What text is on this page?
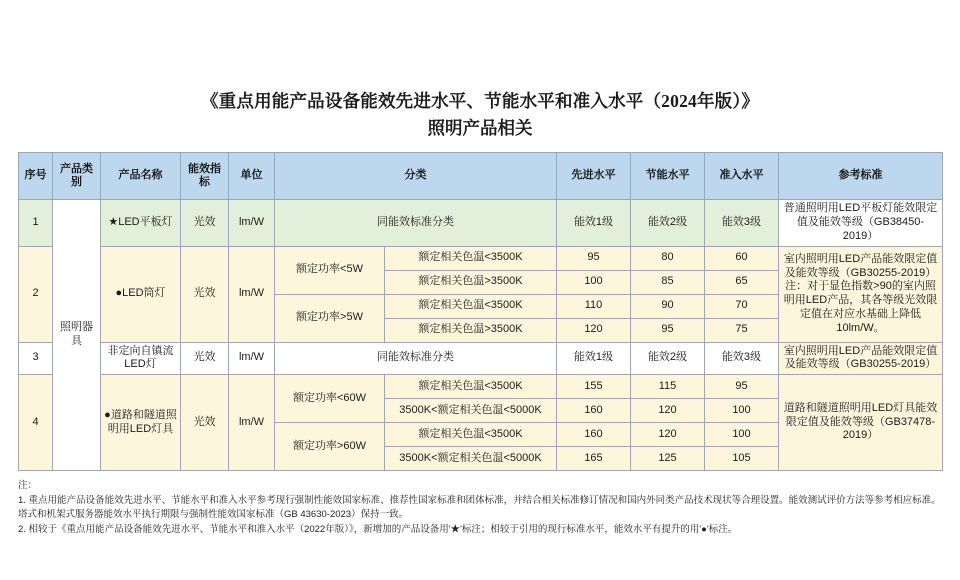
《重点用能产品设备能效先进水平、节能水平和准入水平（2024年版）》
照明产品相关
序号	产品类别	产品名称	能效指标	单位	分类		先进水平	节能水平	准入水平	参考标准
1	照明器具	★LED平板灯	光效	lm/W	同能效标准分类		能效1级	能效2级	能效3级	普通照明用LED平板灯能效限定值及能效等级（GB38450-2019）
2		●LED筒灯	光效	lm/W	额定功率<5W	额定相关色温<3500K	95	80	60	室内照明用LED产品能效限定值及能效等级（GB30255-2019）注：对于显色指数>90的室内照明用LED产品，其各等级光效限定值在对应水基础上降低10lm/W。
						额定相关色温>3500K	100	85	65	
					额定功率>5W	额定相关色温<3500K	110	90	70	
						额定相关色温>3500K	120	95	75	
3		非定向自镇流LED灯	光效	lm/W	同能效标准分类		能效1级	能效2级	能效3级	室内照明用LED产品能效限定值及能效等级（GB30255-2019）
4		●道路和隧道照明用LED灯具	光效	lm/W	额定功率<60W	额定相关色温<3500K	155	115	95	道路和隧道照明用LED灯具能效限定值及能效等级（GB37478-2019）
						3500K<额定相关色温<5000K	160	120	100	
					额定功率>60W	额定相关色温<3500K	160	120	100	
						3500K<额定相关色温<5000K	165	125	105	

注：

1. 重点用能产品设备能效先进水平、节能水平和准入水平参考现行强制性能效国家标准、推荐性国家标准和团体标准，并结合相关标准修订情况和国内外同类产品技术现状等合理设置。能效测试评价方法等参考相应标准。塔式和机架式服务器能效水平执行期限与强制性能效国家标准（GB 43630-2023）保持一致。

2. 相较于《重点用能产品设备能效先进水平、节能水平和准入水平（2022年版）》，新增加的产品设备用'★'标注；相较于引用的现行标准水平，能效水平有提升的用'●'标注。
